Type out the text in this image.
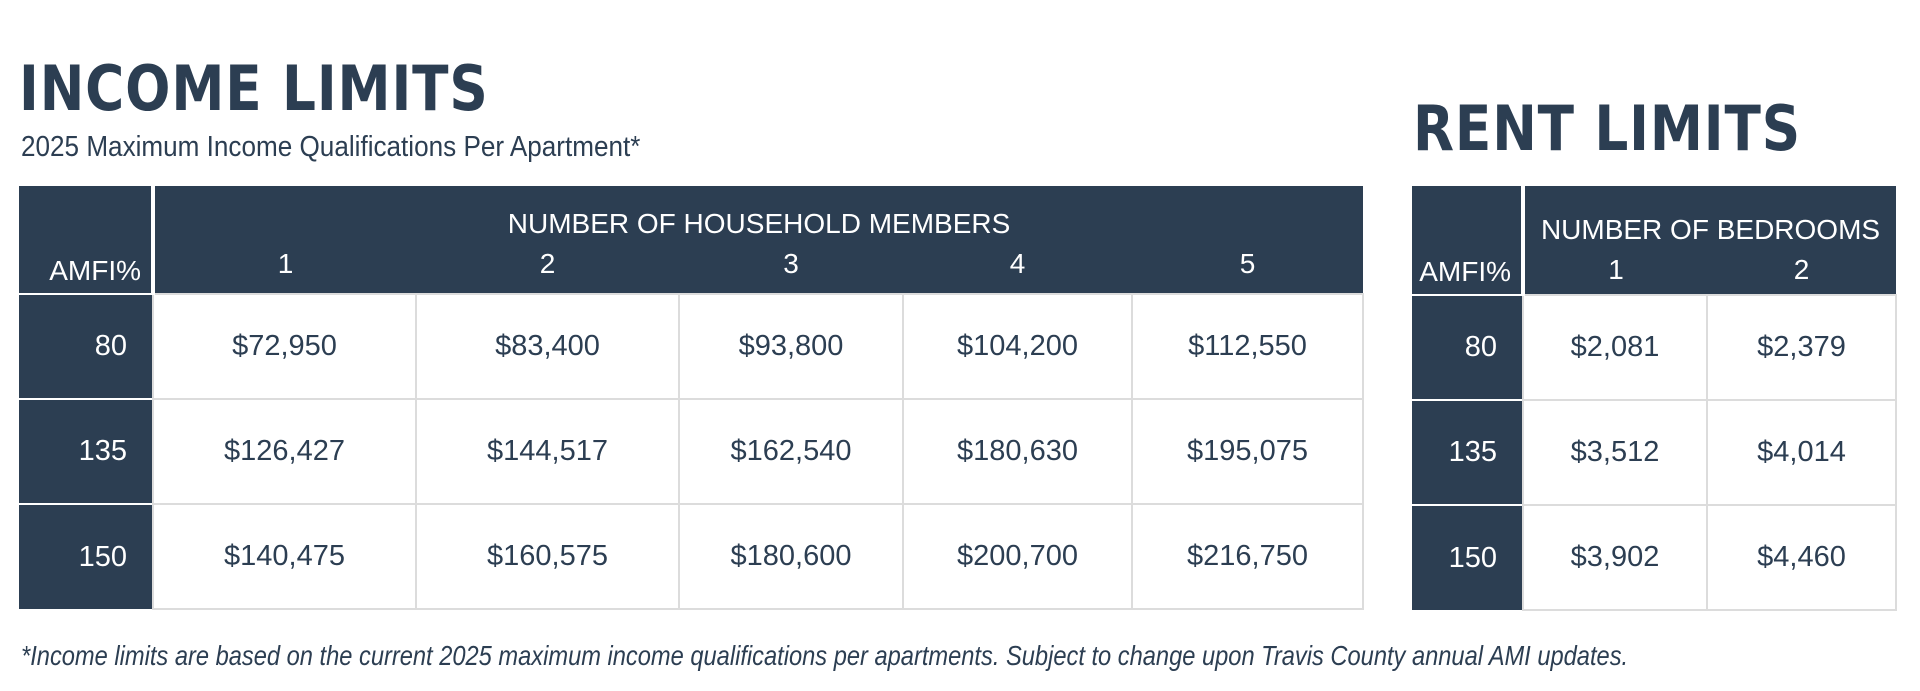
INCOME LIMITS
2025 Maximum Income Qualifications Per Apartment*
AMFI%	NUMBER OF HOUSEHOLD MEMBERS				
	1	2	3	4	5
80	$72,950	$83,400	$93,800	$104,200	$112,550
135	$126,427	$144,517	$162,540	$180,630	$195,075
150	$140,475	$160,575	$180,600	$200,700	$216,750
RENT LIMITS
AMFI%	NUMBER OF BEDROOMS	
	1	2
80	$2,081	$2,379
135	$3,512	$4,014
150	$3,902	$4,460
*Income limits are based on the current 2025 maximum income qualifications per apartments. Subject to change upon Travis County annual AMI updates.
